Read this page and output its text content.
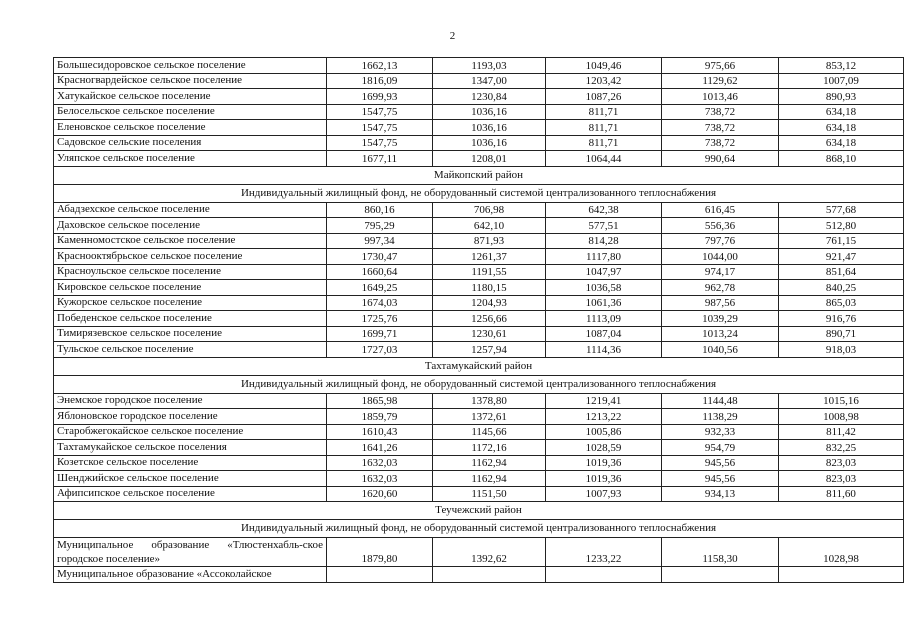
2
Большесидоровское сельское поселение	1662,13	1193,03	1049,46	975,66	853,12
Красногвардейское сельское поселение	1816,09	1347,00	1203,42	1129,62	1007,09
Хатукайское сельское поселение	1699,93	1230,84	1087,26	1013,46	890,93
Белосельское сельское поселение	1547,75	1036,16	811,71	738,72	634,18
Еленовское сельское поселение	1547,75	1036,16	811,71	738,72	634,18
Садовское сельские поселения	1547,75	1036,16	811,71	738,72	634,18
Уляпское сельское поселение	1677,11	1208,01	1064,44	990,64	868,10
Майкопский район					
Индивидуальный жилищный фонд, не оборудованный системой централизованного теплоснабжения					
Абадзехское сельское поселение	860,16	706,98	642,38	616,45	577,68
Даховское сельское поселение	795,29	642,10	577,51	556,36	512,80
Каменномостское сельское поселение	997,34	871,93	814,28	797,76	761,15
Краснооктябрьское сельское поселение	1730,47	1261,37	1117,80	1044,00	921,47
Красноульское сельское поселение	1660,64	1191,55	1047,97	974,17	851,64
Кировское сельское поселение	1649,25	1180,15	1036,58	962,78	840,25
Кужорское сельское поселение	1674,03	1204,93	1061,36	987,56	865,03
Победенское сельское поселение	1725,76	1256,66	1113,09	1039,29	916,76
Тимирязевское сельское поселение	1699,71	1230,61	1087,04	1013,24	890,71
Тульское сельское поселение	1727,03	1257,94	1114,36	1040,56	918,03
Тахтамукайский район					
Индивидуальный жилищный фонд, не оборудованный системой централизованного теплоснабжения					
Энемское городское поселение	1865,98	1378,80	1219,41	1144,48	1015,16
Яблоновское городское поселение	1859,79	1372,61	1213,22	1138,29	1008,98
Старобжегокайское сельское поселение	1610,43	1145,66	1005,86	932,33	811,42
Тахтамукайское сельское поселения	1641,26	1172,16	1028,59	954,79	832,25
Козетское сельское поселение	1632,03	1162,94	1019,36	945,56	823,03
Шенджийское сельское поселение	1632,03	1162,94	1019,36	945,56	823,03
Афипсипское сельское поселение	1620,60	1151,50	1007,93	934,13	811,60
Теучежский район					
Индивидуальный жилищный фонд, не оборудованный системой централизованного теплоснабжения					
Муниципальное образование «Тлюстенхабль-ское городское поселение»	1879,80	1392,62	1233,22	1158,30	1028,98
Муниципальное образование «Ассоколайское					
